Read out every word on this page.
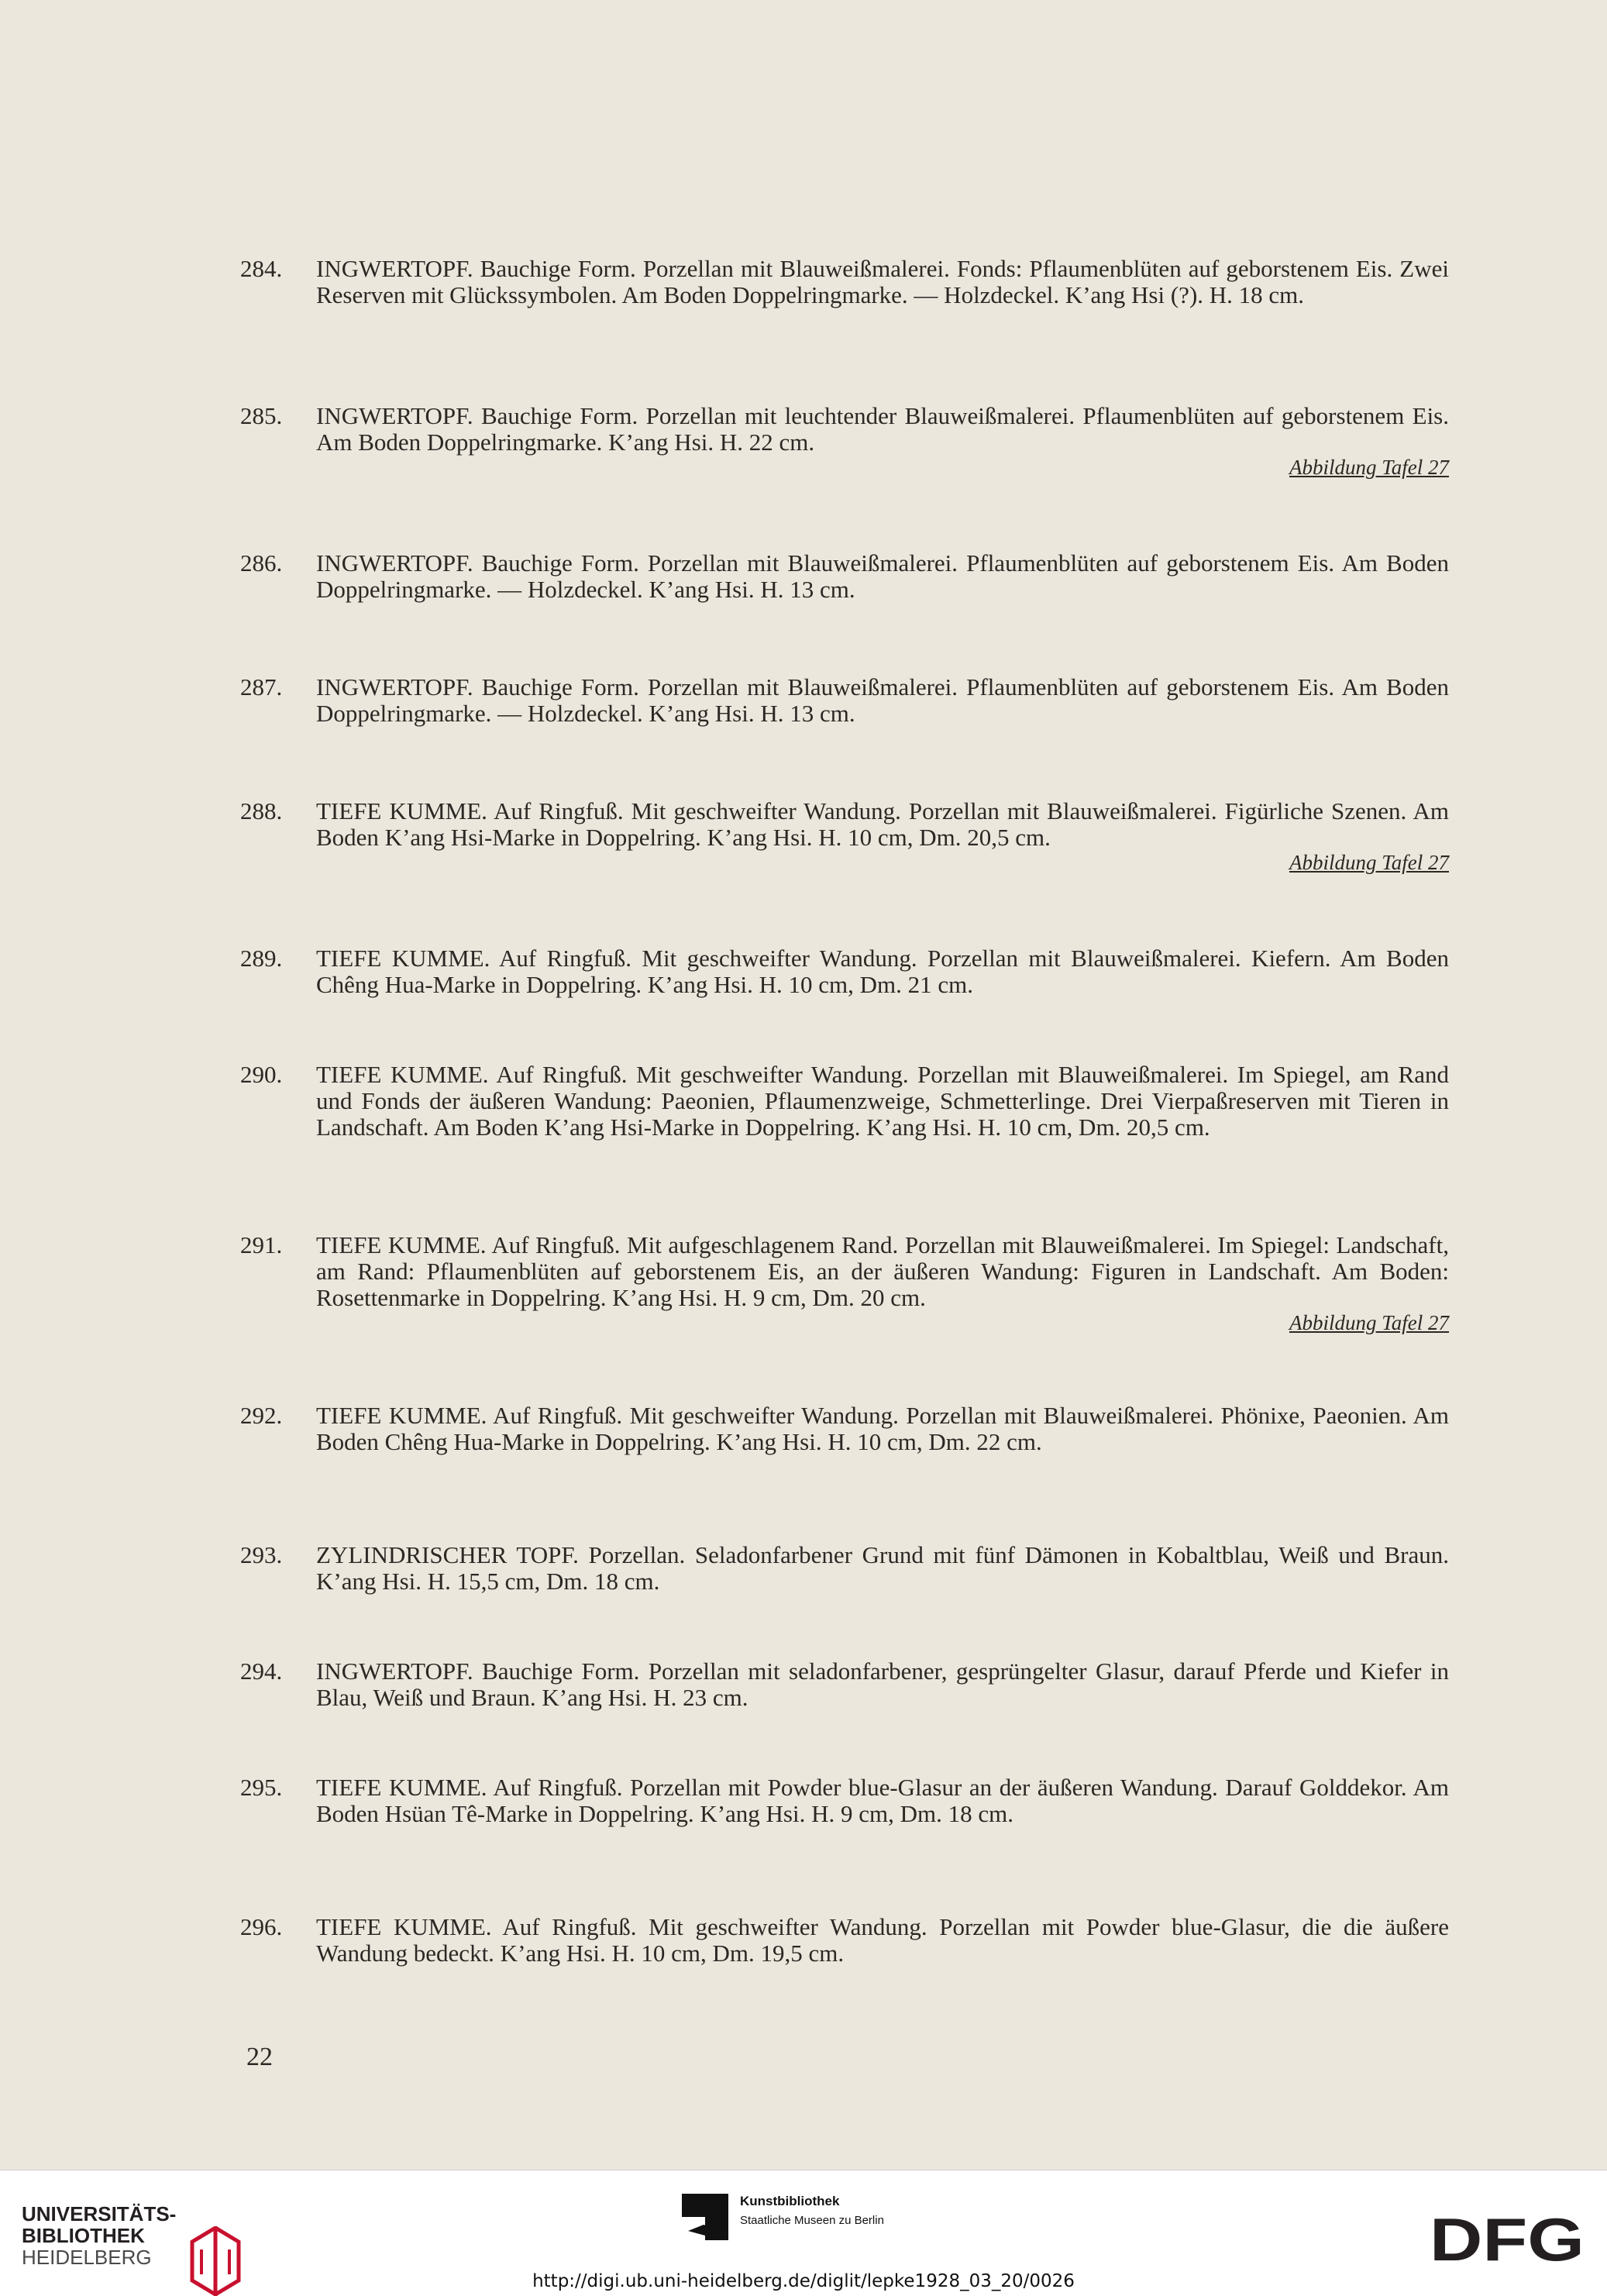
284. INGWERTOPF. Bauchige Form. Porzellan mit Blauweißmalerei. Fonds: Pflaumenblüten auf geborstenem Eis. Zwei Reserven mit Glückssymbolen. Am Boden Doppelringmarke. — Holzdeckel. K’ang Hsi (?). H. 18 cm.
285. INGWERTOPF. Bauchige Form. Porzellan mit leuchtender Blauweißmalerei. Pflaumenblüten auf geborstenem Eis. Am Boden Doppelringmarke. K’ang Hsi. H. 22 cm.
Abbildung Tafel 27
286. INGWERTOPF. Bauchige Form. Porzellan mit Blauweißmalerei. Pflaumenblüten auf geborstenem Eis. Am Boden Doppelringmarke. — Holzdeckel. K’ang Hsi. H. 13 cm.
287. INGWERTOPF. Bauchige Form. Porzellan mit Blauweißmalerei. Pflaumenblüten auf geborstenem Eis. Am Boden Doppelringmarke. — Holzdeckel. K’ang Hsi. H. 13 cm.
288. TIEFE KUMME. Auf Ringfuß. Mit geschweifter Wandung. Porzellan mit Blauweißmalerei. Figürliche Szenen. Am Boden K’ang Hsi-Marke in Doppelring. K’ang Hsi. H. 10 cm, Dm. 20,5 cm.
Abbildung Tafel 27
289. TIEFE KUMME. Auf Ringfuß. Mit geschweifter Wandung. Porzellan mit Blauweißmalerei. Kiefern. Am Boden Chêng Hua-Marke in Doppelring. K’ang Hsi. H. 10 cm, Dm. 21 cm.
290. TIEFE KUMME. Auf Ringfuß. Mit geschweifter Wandung. Porzellan mit Blauweißmalerei. Im Spiegel, am Rand und Fonds der äußeren Wandung: Paeonien, Pflaumenzweige, Schmetterlinge. Drei Vierpaßreserven mit Tieren in Landschaft. Am Boden K’ang Hsi-Marke in Doppelring. K’ang Hsi. H. 10 cm, Dm. 20,5 cm.
291. TIEFE KUMME. Auf Ringfuß. Mit aufgeschlagenem Rand. Porzellan mit Blauweißmalerei. Im Spiegel: Landschaft, am Rand: Pflaumenblüten auf geborstenem Eis, an der äußeren Wandung: Figuren in Landschaft. Am Boden: Rosettenmarke in Doppelring. K’ang Hsi. H. 9 cm, Dm. 20 cm.
Abbildung Tafel 27
292. TIEFE KUMME. Auf Ringfuß. Mit geschweifter Wandung. Porzellan mit Blauweißmalerei. Phönixe, Paeonien. Am Boden Chêng Hua-Marke in Doppelring. K’ang Hsi. H. 10 cm, Dm. 22 cm.
293. ZYLINDRISCHER TOPF. Porzellan. Seladonfarbener Grund mit fünf Dämonen in Kobaltblau, Weiß und Braun. K’ang Hsi. H. 15,5 cm, Dm. 18 cm.
294. INGWERTOPF. Bauchige Form. Porzellan mit seladonfarbener, gesprüngelter Glasur, darauf Pferde und Kiefer in Blau, Weiß und Braun. K’ang Hsi. H. 23 cm.
295. TIEFE KUMME. Auf Ringfuß. Porzellan mit Powder blue-Glasur an der äußeren Wandung. Darauf Golddekor. Am Boden Hsüan Tê-Marke in Doppelring. K’ang Hsi. H. 9 cm, Dm. 18 cm.
296. TIEFE KUMME. Auf Ringfuß. Mit geschweifter Wandung. Porzellan mit Powder blue-Glasur, die die äußere Wandung bedeckt. K’ang Hsi. H. 10 cm, Dm. 19,5 cm.
22
UNIVERSITÄTS-
BIBLIOTHEK
HEIDELBERG
Kunstbibliothek
Staatliche Museen zu Berlin	DFG
http://digi.ub.uni-heidelberg.de/diglit/lepke1928_03_20/0026
